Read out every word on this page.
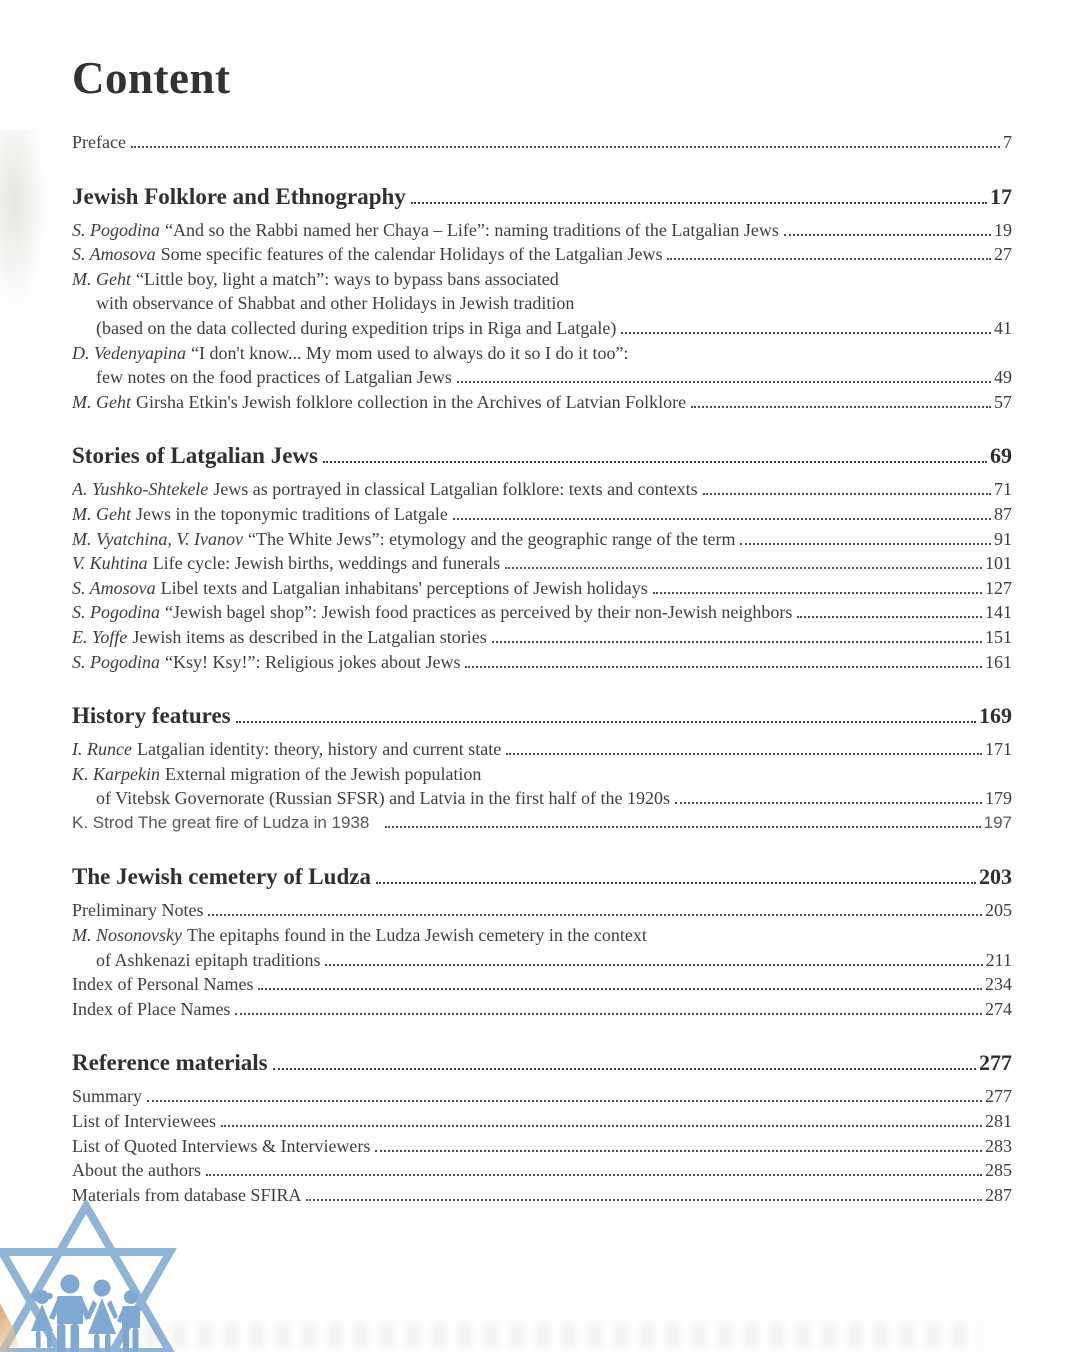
Content
Preface	7
Jewish Folklore and Ethnography	17
S. Pogodina “And so the Rabbi named her Chaya – Life”: naming traditions of the Latgalian Jews	19
S. Amosova Some specific features of the calendar Holidays of the Latgalian Jews	27
M. Geht “Little boy, light a match”: ways to bypass bans associated
with observance of Shabbat and other Holidays in Jewish tradition
(based on the data collected during expedition trips in Riga and Latgale)	41
D. Vedenyapina “I don't know... My mom used to always do it so I do it too”:
few notes on the food practices of Latgalian Jews	49
M. Geht Girsha Etkin's Jewish folklore collection in the Archives of Latvian Folklore	57
Stories of Latgalian Jews	69
A. Yushko-Shtekele Jews as portrayed in classical Latgalian folklore: texts and contexts	71
M. Geht Jews in the toponymic traditions of Latgale	87
M. Vyatchina, V. Ivanov “The White Jews”: etymology and the geographic range of the term	91
V. Kuhtina Life cycle: Jewish births, weddings and funerals	101
S. Amosova Libel texts and Latgalian inhabitans' perceptions of Jewish holidays	127
S. Pogodina “Jewish bagel shop”: Jewish food practices as perceived by their non-Jewish neighbors	141
E. Yoffe Jewish items as described in the Latgalian stories	151
S. Pogodina “Ksy! Ksy!”: Religious jokes about Jews	161
History features	169
I. Runce Latgalian identity: theory, history and current state	171
K. Karpekin External migration of the Jewish population
of Vitebsk Governorate (Russian SFSR) and Latvia in the first half of the 1920s	179
K. Strod The great fire of Ludza in 1938	197
The Jewish cemetery of Ludza	203
Preliminary Notes	205
M. Nosonovsky The epitaphs found in the Ludza Jewish cemetery in the context
of Ashkenazi epitaph traditions	211
Index of Personal Names	234
Index of Place Names	274
Reference materials	277
Summary	277
List of Interviewees	281
List of Quoted Interviews & Interviewers	283
About the authors	285
Materials from database SFIRA	287
